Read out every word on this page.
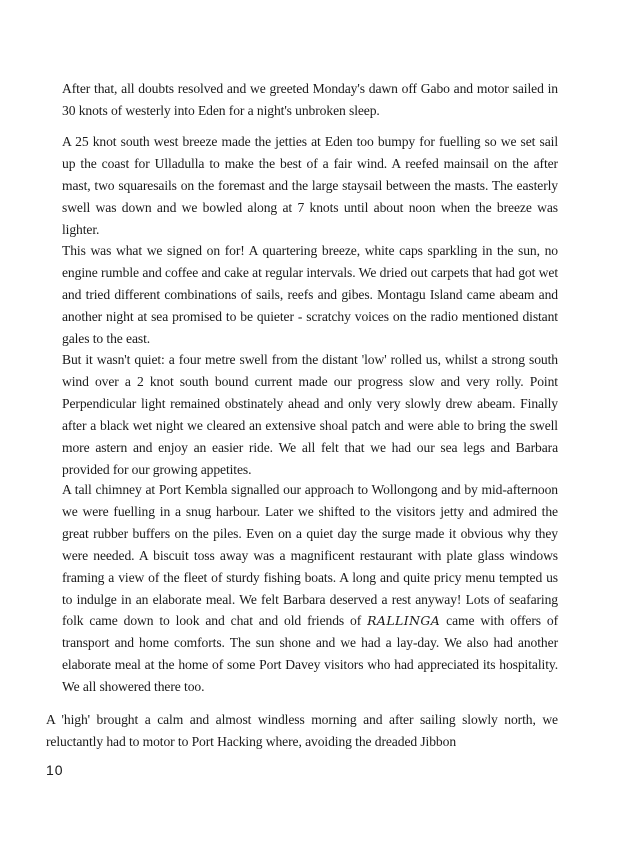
After that, all doubts resolved and we greeted Monday's dawn off Gabo and motor sailed in 30 knots of westerly into Eden for a night's unbroken sleep.

A 25 knot south west breeze made the jetties at Eden too bumpy for fuelling so we set sail up the coast for Ulladulla to make the best of a fair wind. A reefed mainsail on the after mast, two squaresails on the foremast and the large staysail between the masts. The easterly swell was down and we bowled along at 7 knots until about noon when the breeze was lighter.

This was what we signed on for! A quartering breeze, white caps sparkling in the sun, no engine rumble and coffee and cake at regular intervals. We dried out carpets that had got wet and tried different combinations of sails, reefs and gibes. Montagu Island came abeam and another night at sea promised to be quieter - scratchy voices on the radio mentioned distant gales to the east.

But it wasn't quiet: a four metre swell from the distant 'low' rolled us, whilst a strong south wind over a 2 knot south bound current made our progress slow and very rolly. Point Perpendicular light remained obstinately ahead and only very slowly drew abeam. Finally after a black wet night we cleared an extensive shoal patch and were able to bring the swell more astern and enjoy an easier ride. We all felt that we had our sea legs and Barbara provided for our growing appetites.

A tall chimney at Port Kembla signalled our approach to Wollongong and by mid-afternoon we were fuelling in a snug harbour. Later we shifted to the visitors jetty and admired the great rubber buffers on the piles. Even on a quiet day the surge made it obvious why they were needed. A biscuit toss away was a magnificent restaurant with plate glass windows framing a view of the fleet of sturdy fishing boats. A long and quite pricy menu tempted us to indulge in an elaborate meal. We felt Barbara deserved a rest anyway! Lots of seafaring folk came down to look and chat and old friends of RALLINGA came with offers of transport and home comforts. The sun shone and we had a lay-day. We also had another elaborate meal at the home of some Port Davey visitors who had appreciated its hospitality. We all showered there too.

A 'high' brought a calm and almost windless morning and after sailing slowly north, we reluctantly had to motor to Port Hacking where, avoiding the dreaded Jibbon

10
